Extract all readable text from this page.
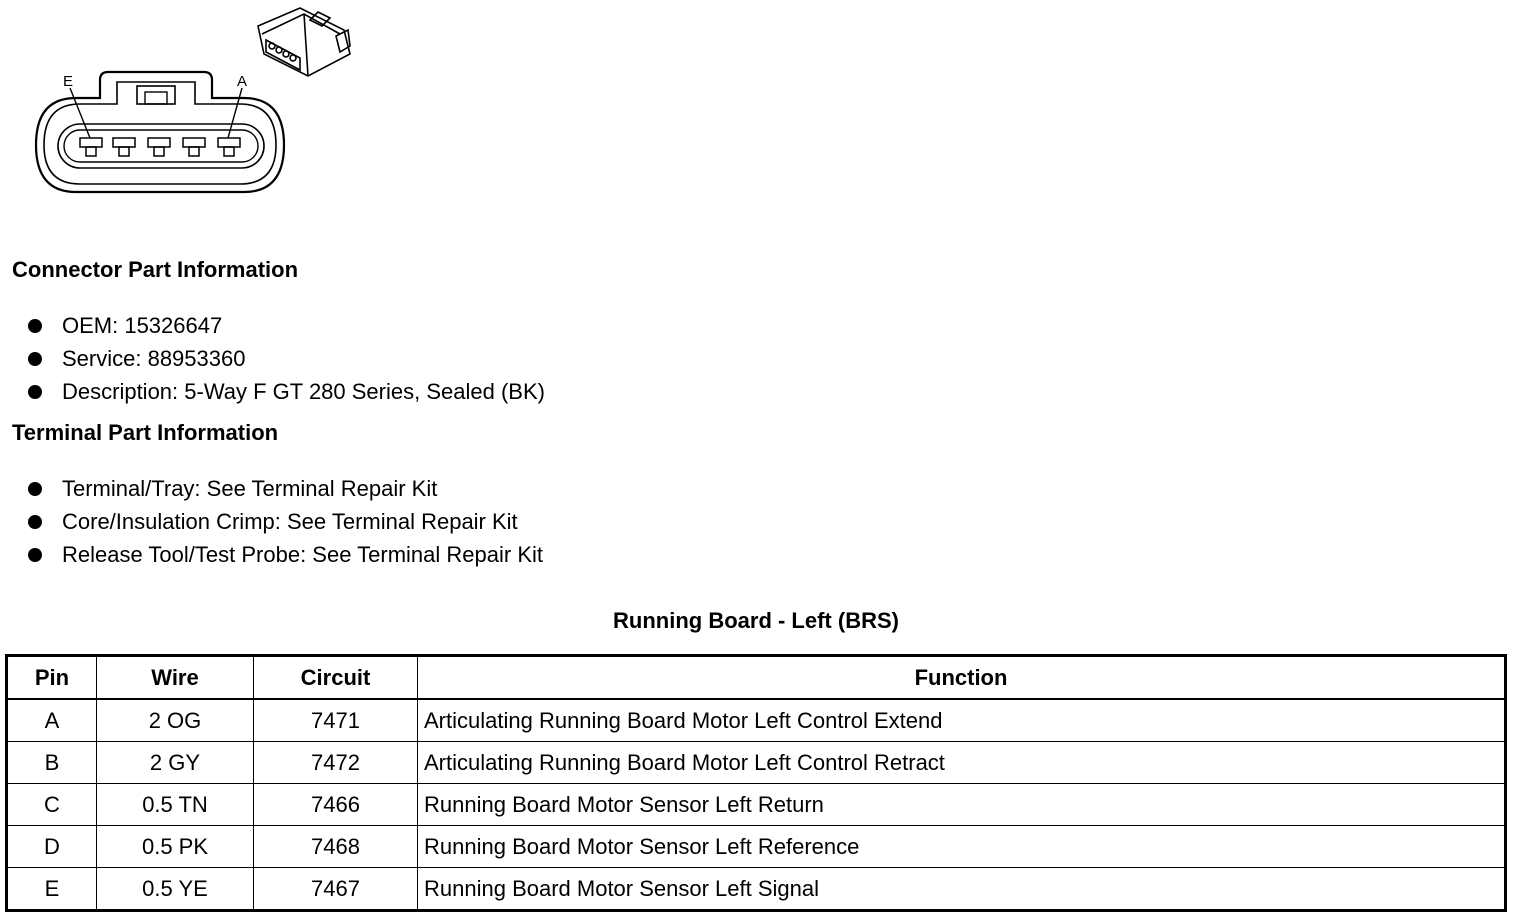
E	A
Connector Part Information
OEM: 15326647
Service: 88953360
Description: 5-Way F GT 280 Series, Sealed (BK)
Terminal Part Information
Terminal/Tray: See Terminal Repair Kit
Core/Insulation Crimp: See Terminal Repair Kit
Release Tool/Test Probe: See Terminal Repair Kit
Running Board - Left (BRS)
Pin	Wire	Circuit	Function
A	2 OG	7471	Articulating Running Board Motor Left Control Extend
B	2 GY	7472	Articulating Running Board Motor Left Control Retract
C	0.5 TN	7466	Running Board Motor Sensor Left Return
D	0.5 PK	7468	Running Board Motor Sensor Left Reference
E	0.5 YE	7467	Running Board Motor Sensor Left Signal
